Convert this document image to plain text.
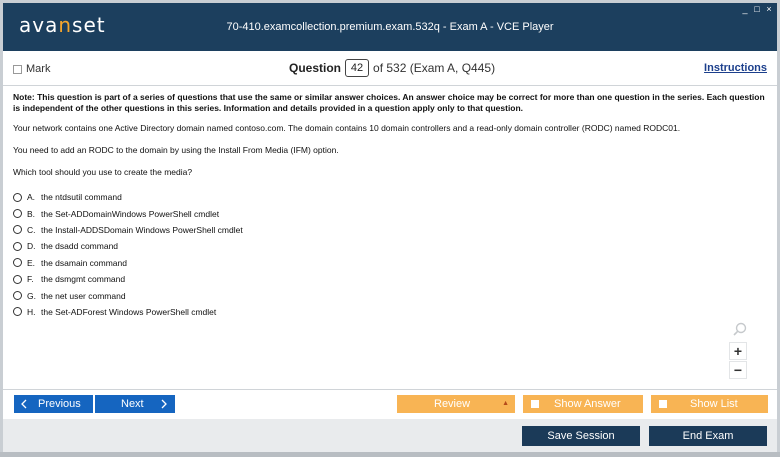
avanset	70-410.examcollection.premium.exam.532q - Exam A - VCE Player
_ □ ×
Mark	Question 42 of 532 (Exam A, Q445)	Instructions
Note: This question is part of a series of questions that use the same or similar answer choices. An answer choice may be correct for more than one question in the series. Each question is independent of the other questions in this series. Information and details provided in a question apply only to that question.
Your network contains one Active Directory domain named contoso.com. The domain contains 10 domain controllers and a read-only domain controller (RODC) named RODC01.
You need to add an RODC to the domain by using the Install From Media (IFM) option.
Which tool should you use to create the media?
A. the ntdsutil command
B. the Set-ADDomainWindows PowerShell cmdlet
C. the Install-ADDSDomain Windows PowerShell cmdlet
D. the dsadd command
E. the dsamain command
F. the dsmgmt command
G. the net user command
H. the Set-ADForest Windows PowerShell cmdlet
+
−
Previous	Next	Review	▲	Show Answer	Show List
Save Session	End Exam
